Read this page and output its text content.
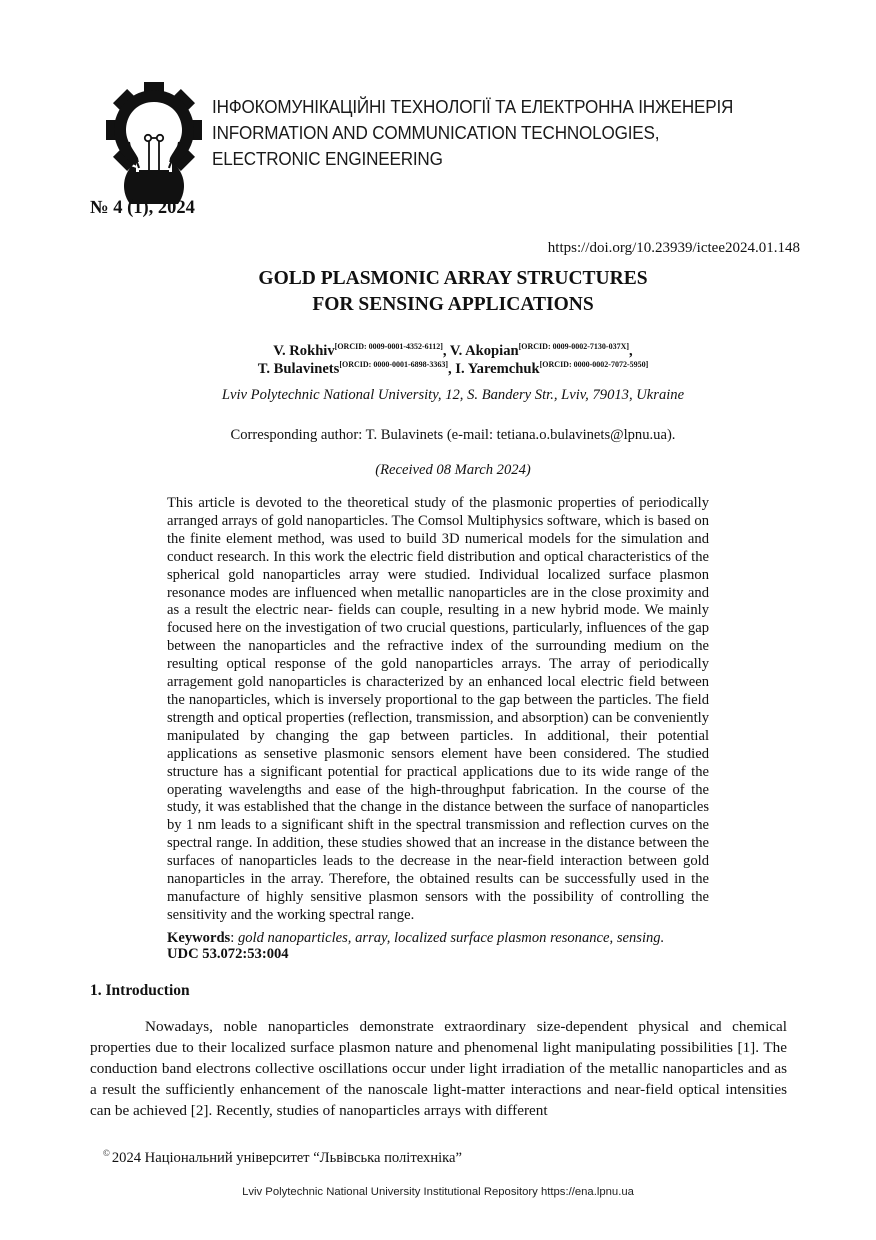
ІНФОКОМУНІКАЦІЙНІ ТЕХНОЛОГІЇ ТА ЕЛЕКТРОННА ІНЖЕНЕРІЯ
INFORMATION AND COMMUNICATION TECHNOLOGIES,
ELECTRONIC ENGINEERING
№ 4 (1), 2024
https://doi.org/10.23939/ictee2024.01.148
GOLD PLASMONIC ARRAY STRUCTURES
FOR SENSING APPLICATIONS
V. Rokhiv[ORCID: 0009-0001-4352-6112], V. Akopian[ORCID: 0009-0002-7130-037X],
T. Bulavinets[ORCID: 0000-0001-6898-3363], I. Yaremchuk[ORCID: 0000-0002-7072-5950]
Lviv Polytechnic National University, 12, S. Bandery Str., Lviv, 79013, Ukraine
Corresponding author: T. Bulavinets (e-mail: tetiana.o.bulavinets@lpnu.ua).
(Received 08 March 2024)
This article is devoted to the theoretical study of the plasmonic properties of periodically arranged arrays of gold nanoparticles. The Comsol Multiphysics software, which is based on the finite element method, was used to build 3D numerical models for the simulation and conduct research. In this work the electric field distribution and optical characteristics of the spherical gold nanoparticles array were studied. Individual localized surface plasmon resonance modes are influenced when metallic nanoparticles are in the close proximity and as a result the electric near- fields can couple, resulting in a new hybrid mode. We mainly focused here on the investigation of two crucial questions, particularly, influences of the gap between the nanoparticles and the refractive index of the surrounding medium on the resulting optical response of the gold nanoparticles arrays. The array of periodically arragement gold nanoparticles is characterized by an enhanced local electric field between the nanoparticles, which is inversely proportional to the gap between the particles. The field strength and optical properties (reflection, transmission, and absorption) can be conveniently manipulated by changing the gap between particles. In additional, their potential applications as sensetive plasmonic sensors element have been considered. The studied structure has a significant potential for practical applications due to its wide range of the operating wavelengths and ease of the high-throughput fabrication. In the course of the study, it was established that the change in the distance between the surface of nanoparticles by 1 nm leads to a significant shift in the spectral transmission and reflection curves on the spectral range. In addition, these studies showed that an increase in the distance between the surfaces of nanoparticles leads to the decrease in the near-field interaction between gold nanoparticles in the array. Therefore, the obtained results can be successfully used in the manufacture of highly sensitive plasmon sensors with the possibility of controlling the sensitivity and the working spectral range.
Keywords: gold nanoparticles, array, localized surface plasmon resonance, sensing.
UDC 53.072:53:004
1. Introduction
Nowadays, noble nanoparticles demonstrate extraordinary size-dependent physical and chemical properties due to their localized surface plasmon nature and phenomenal light manipulating possibilities [1]. The conduction band electrons collective oscillations occur under light irradiation of the metallic nanoparticles and as a result the sufficiently enhancement of the nanoscale light-matter interactions and near-field optical intensities can be achieved [2]. Recently, studies of nanoparticles arrays with different
© 2024 Національний університет “Львівська політехніка”
Lviv Polytechnic National University Institutional Repository https://ena.lpnu.ua
